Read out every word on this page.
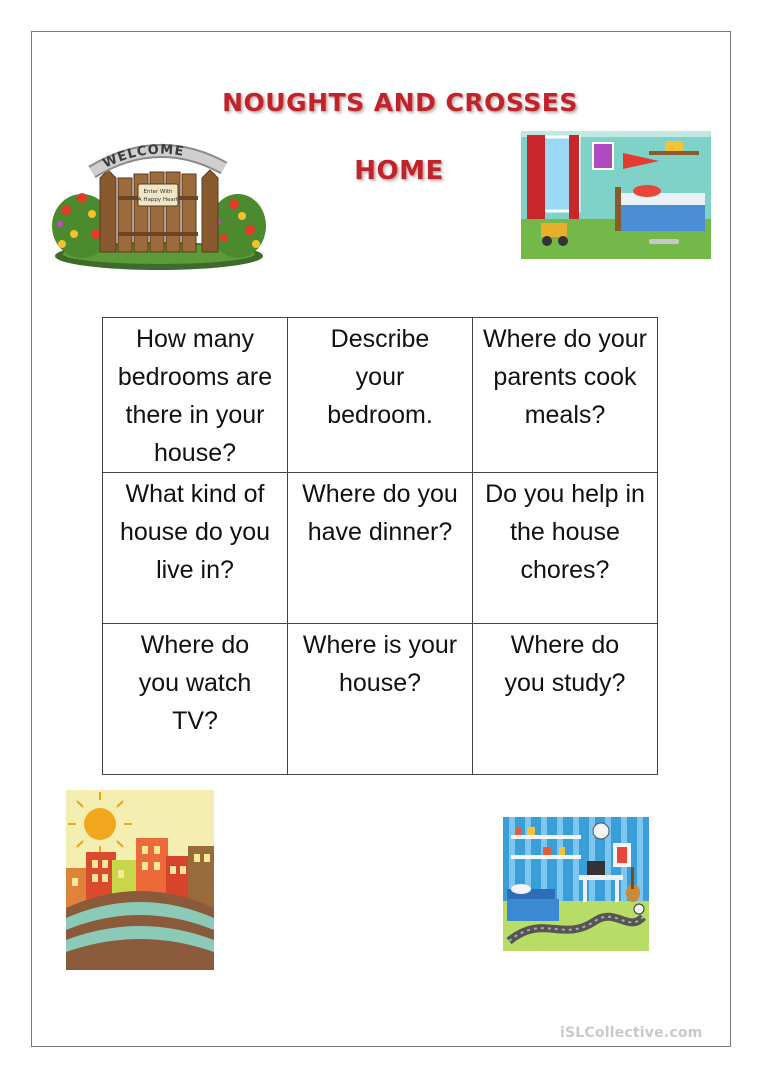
NOUGHTS AND CROSSES
HOME
Enter With
A Happy Heart
WELCOME
How many bedrooms are there in your house?	Describe your bedroom.	Where do your parents cook meals?

What kind of house do you live in?	Where do you have dinner?	Do you help in the house chores?

Where do you watch TV?	Where is your house?	Where do you study?
iSLCollective.com
